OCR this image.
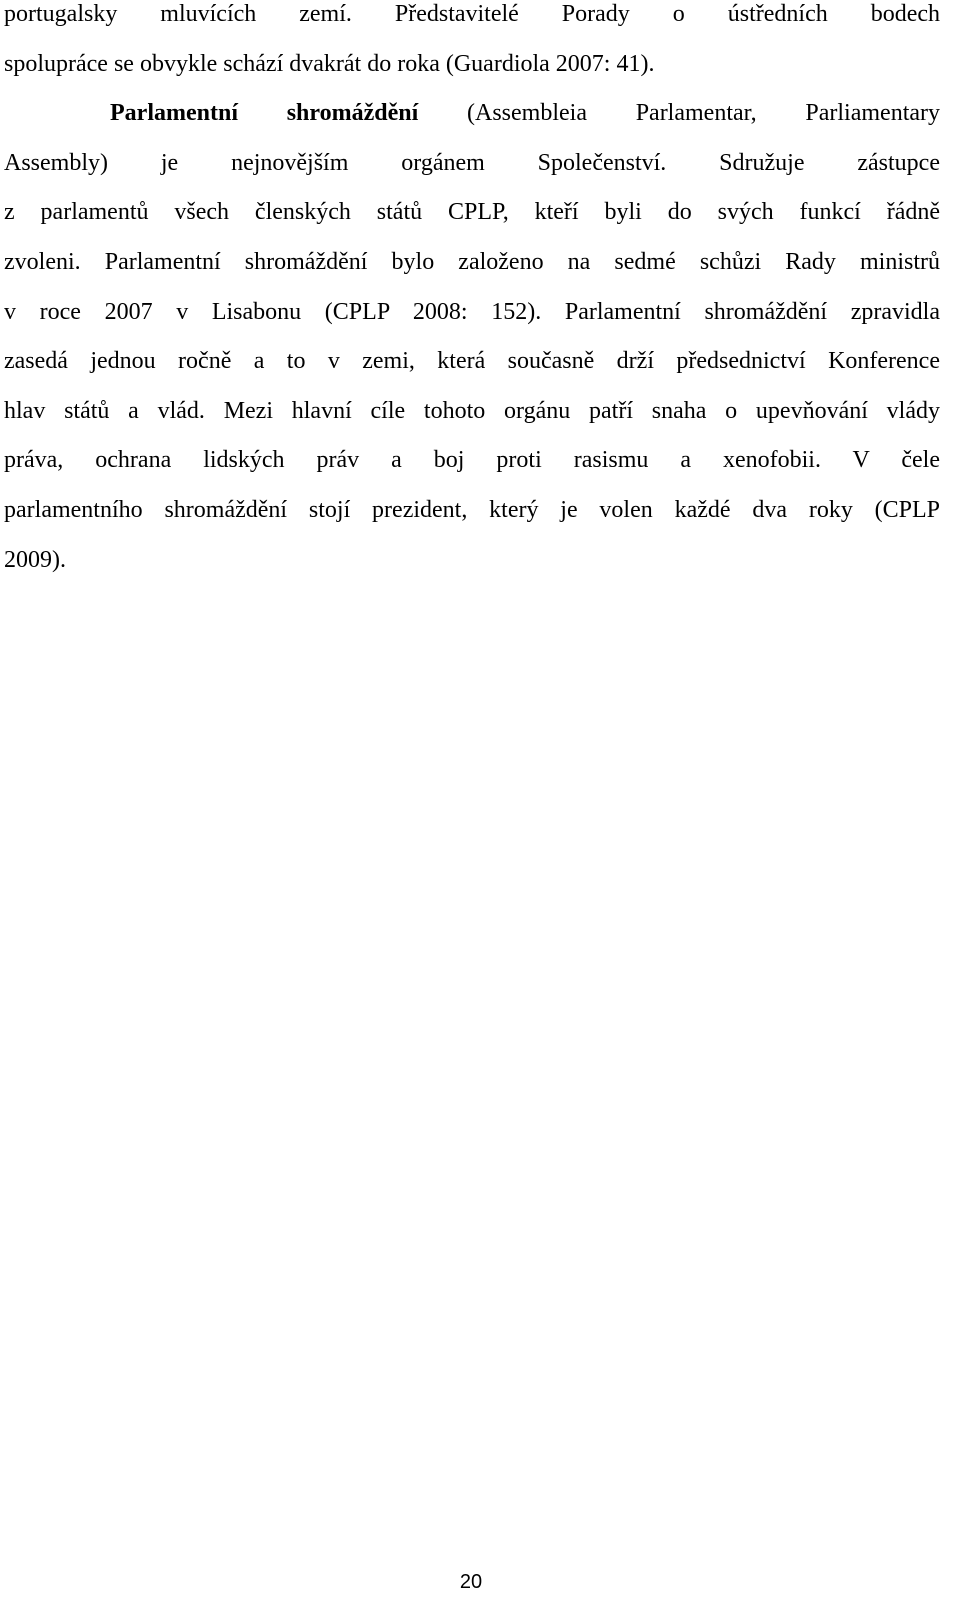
portugalsky mluvících zemí. Představitelé Porady o ústředních bodech
spolupráce se obvykle schází dvakrát do roka (Guardiola 2007: 41).
Parlamentní shromáždění (Assembleia Parlamentar, Parliamentary
Assembly) je nejnovějším orgánem Společenství. Sdružuje zástupce
z parlamentů všech členských států CPLP, kteří byli do svých funkcí řádně
zvoleni. Parlamentní shromáždění bylo založeno na sedmé schůzi Rady ministrů
v roce 2007 v Lisabonu (CPLP 2008: 152). Parlamentní shromáždění zpravidla
zasedá jednou ročně a to v zemi, která současně drží předsednictví Konference
hlav států a vlád. Mezi hlavní cíle tohoto orgánu patří snaha o upevňování vlády
práva, ochrana lidských práv a boj proti rasismu a xenofobii. V čele
parlamentního shromáždění stojí prezident, který je volen každé dva roky (CPLP
2009).
20
